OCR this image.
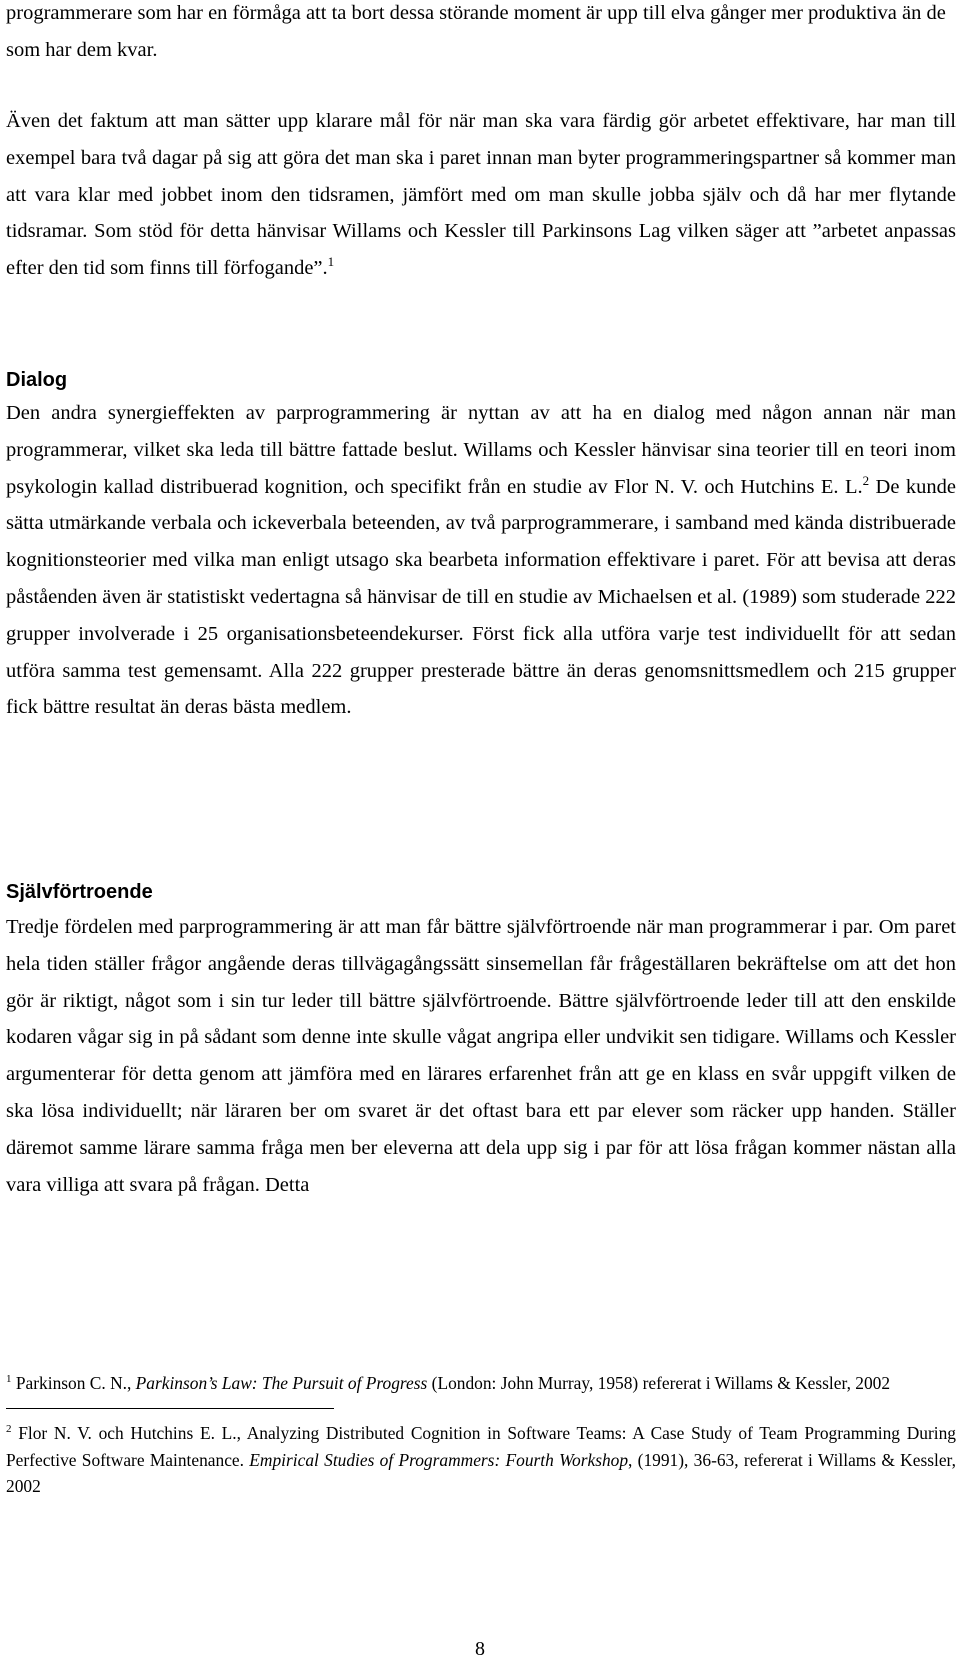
programmerare som har en förmåga att ta bort dessa störande moment är upp till elva gånger mer produktiva än de som har dem kvar.

Även det faktum att man sätter upp klarare mål för när man ska vara färdig gör arbetet effektivare, har man till exempel bara två dagar på sig att göra det man ska i paret innan man byter programmeringspartner så kommer man att vara klar med jobbet inom den tidsramen, jämfört med om man skulle jobba själv och då har mer flytande tidsramar. Som stöd för detta hänvisar Willams och Kessler till Parkinsons Lag vilken säger att ”arbetet anpassas efter den tid som finns till förfogande”.$^1$

Dialog

Den andra synergieffekten av parprogrammering är nyttan av att ha en dialog med någon annan när man programmerar, vilket ska leda till bättre fattade beslut. Willams och Kessler hänvisar sina teorier till en teori inom psykologin kallad distribuerad kognition, och specifikt från en studie av Flor N. V. och Hutchins E. L.$^2$ De kunde sätta utmärkande verbala och ickeverbala beteenden, av två parprogrammerare, i samband med kända distribuerade kognitionsteorier med vilka man enligt utsago ska bearbeta information effektivare i paret. För att bevisa att deras påståenden även är statistiskt vedertagna så hänvisar de till en studie av Michaelsen et al. (1989) som studerade 222 grupper involverade i 25 organisationsbeteendekurser. Först fick alla utföra varje test individuellt för att sedan utföra samma test gemensamt. Alla 222 grupper presterade bättre än deras genomsnittsmedlem och 215 grupper fick bättre resultat än deras bästa medlem.

Självförtroende

Tredje fördelen med parprogrammering är att man får bättre självförtroende när man programmerar i par. Om paret hela tiden ställer frågor angående deras tillvägagångssätt sinsemellan får frågeställaren bekräftelse om att det hon gör är riktigt, något som i sin tur leder till bättre självförtroende. Bättre självförtroende leder till att den enskilde kodaren vågar sig in på sådant som denne inte skulle vågat angripa eller undvikit sen tidigare. Willams och Kessler argumenterar för detta genom att jämföra med en lärares erfarenhet från att ge en klass en svår uppgift vilken de ska lösa individuellt; när läraren ber om svaret är det oftast bara ett par elever som räcker upp handen. Ställer däremot samme lärare samma fråga men ber eleverna att dela upp sig i par för att lösa frågan kommer nästan alla vara villiga att svara på frågan. Detta

$^1$ Parkinson C. N., Parkinson’s Law: The Pursuit of Progress (London: John Murray, 1958) refererat i Willams & Kessler, 2002

$^2$ Flor N. V. och Hutchins E. L., Analyzing Distributed Cognition in Software Teams: A Case Study of Team Programming During Perfective Software Maintenance. Empirical Studies of Programmers: Fourth Workshop, (1991), 36-63, refererat i Willams & Kessler, 2002

8
